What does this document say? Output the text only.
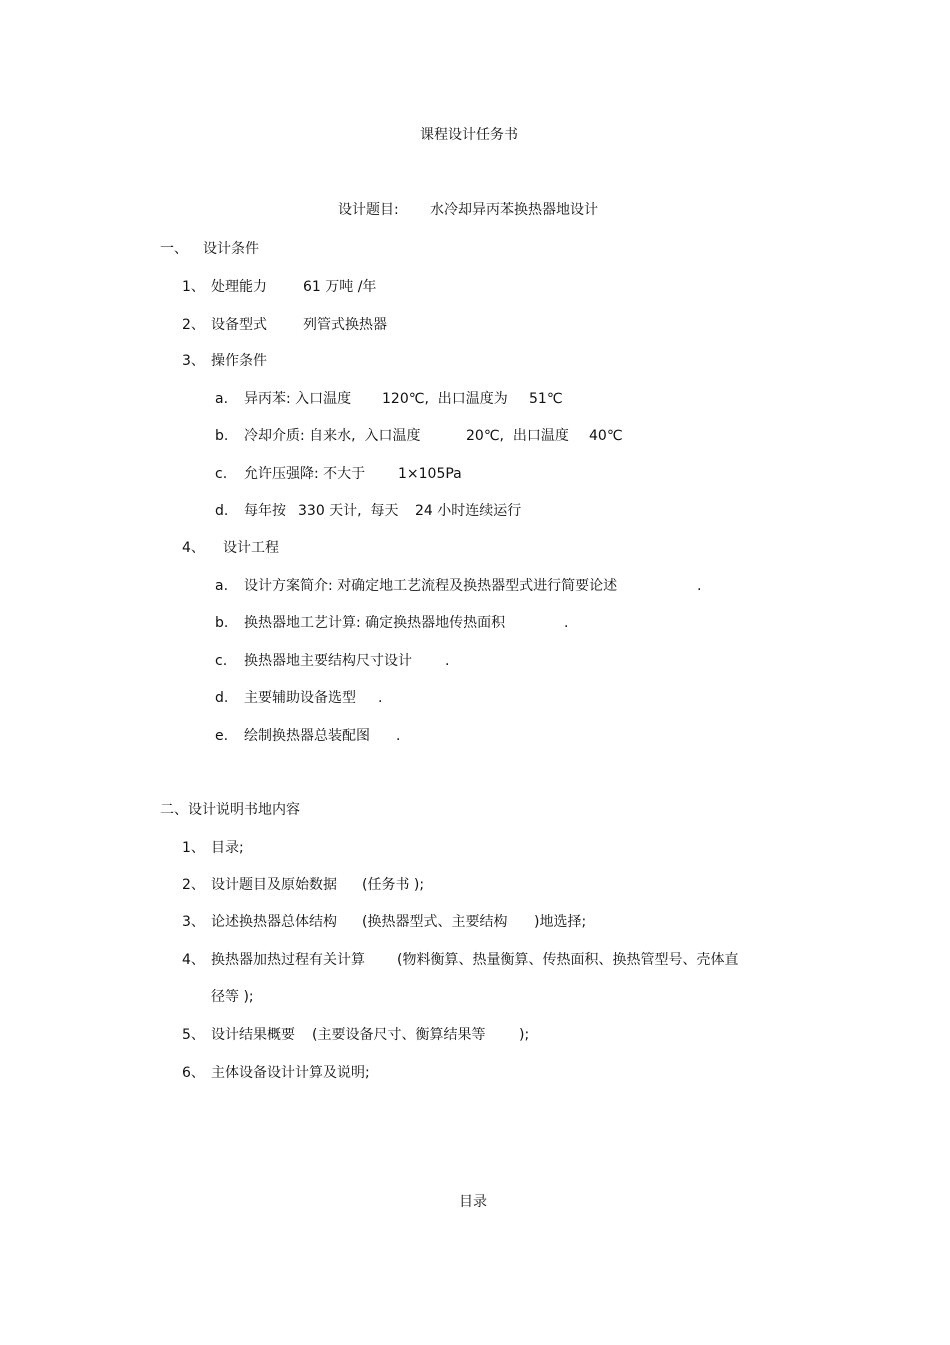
课程设计任务书
设计题目: 水冷却异丙苯换热器地设计
一、 设计条件
1、 处理能力	61 万吨 /年
2、 设备型式	列管式换热器
3、 操作条件
a. 异丙苯: 入口温度 120℃,  出口温度为 51℃
b. 冷却介质: 自来水,  入口温度	20℃,  出口温度 40℃
c. 允许压强降: 不大于 1×105Pa
d. 每年按 330 天计,  每天 24 小时连续运行
4、 设计工程
a. 设计方案简介: 对确定地工艺流程及换热器型式进行简要论述	.
b. 换热器地工艺计算: 确定换热器地传热面积	.
c. 换热器地主要结构尺寸设计 .
d. 主要辅助设备选型 .
e. 绘制换热器总装配图 .
二、设计说明书地内容
1、 目录;
2、 设计题目及原始数据 (任务书 );
3、 论述换热器总体结构 (换热器型式、主要结构 )地选择;
4、 换热器加热过程有关计算 (物料衡算、热量衡算、传热面积、换热管型号、壳体直
径等 );
5、 设计结果概要 (主要设备尺寸、衡算结果等 );
6、 主体设备设计计算及说明;
目录
